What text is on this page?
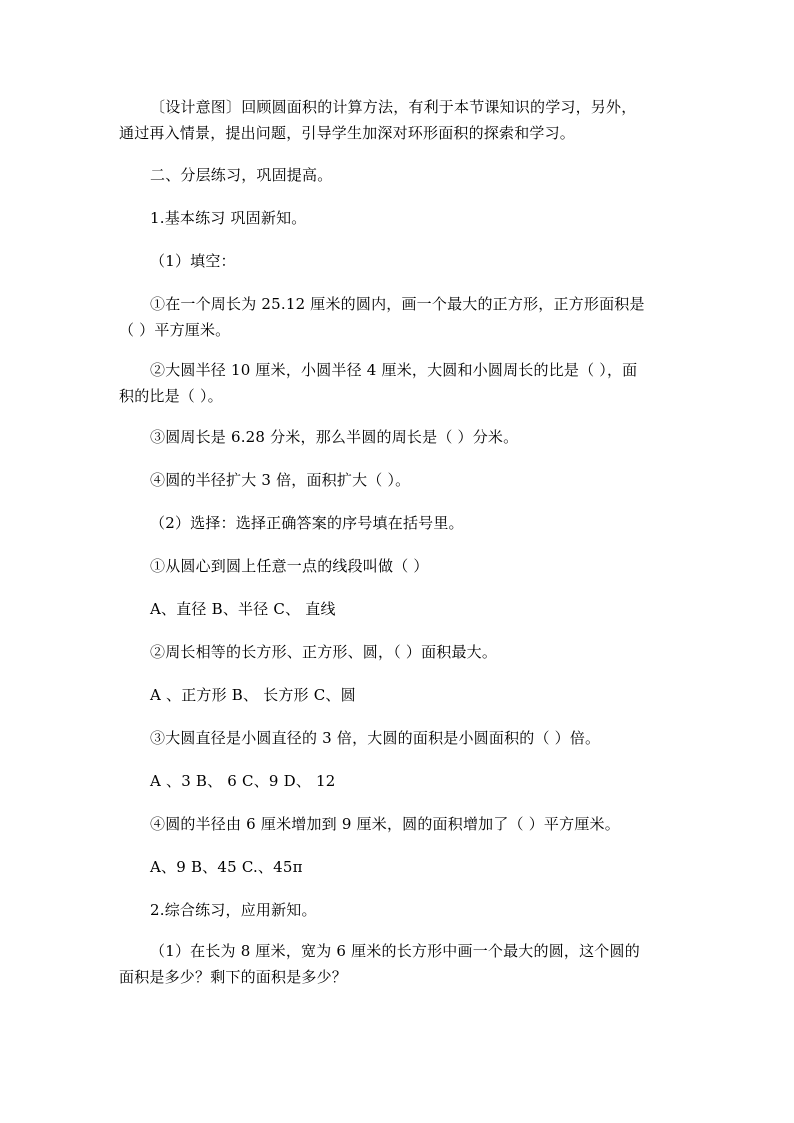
〔设计意图〕回顾圆面积的计算方法，有利于本节课知识的学习，另外，
通过再入情景，提出问题，引导学生加深对环形面积的探索和学习。
二、分层练习，巩固提高。
1.基本练习 巩固新知。
（1）填空：
①在一个周长为 25.12 厘米的圆内，画一个最大的正方形，正方形面积是
（ ）平方厘米。
②大圆半径 10 厘米，小圆半径 4 厘米，大圆和小圆周长的比是（ ），面
积的比是（ ）。
③圆周长是 6.28 分米，那么半圆的周长是（ ）分米。
④圆的半径扩大 3 倍，面积扩大（ ）。
（2）选择：选择正确答案的序号填在括号里。
①从圆心到圆上任意一点的线段叫做（ ）
A、直径 B、半径 C、 直线
②周长相等的长方形、正方形、圆，（ ）面积最大。
A 、正方形 B、 长方形 C、圆
③大圆直径是小圆直径的 3 倍，大圆的面积是小圆面积的（ ）倍。
A 、3 B、 6 C、9 D、 12
④圆的半径由 6 厘米增加到 9 厘米，圆的面积增加了（ ）平方厘米。
A、9 B、45 C.、45π
2.综合练习，应用新知。
（1）在长为 8 厘米，宽为 6 厘米的长方形中画一个最大的圆，这个圆的
面积是多少？剩下的面积是多少？
